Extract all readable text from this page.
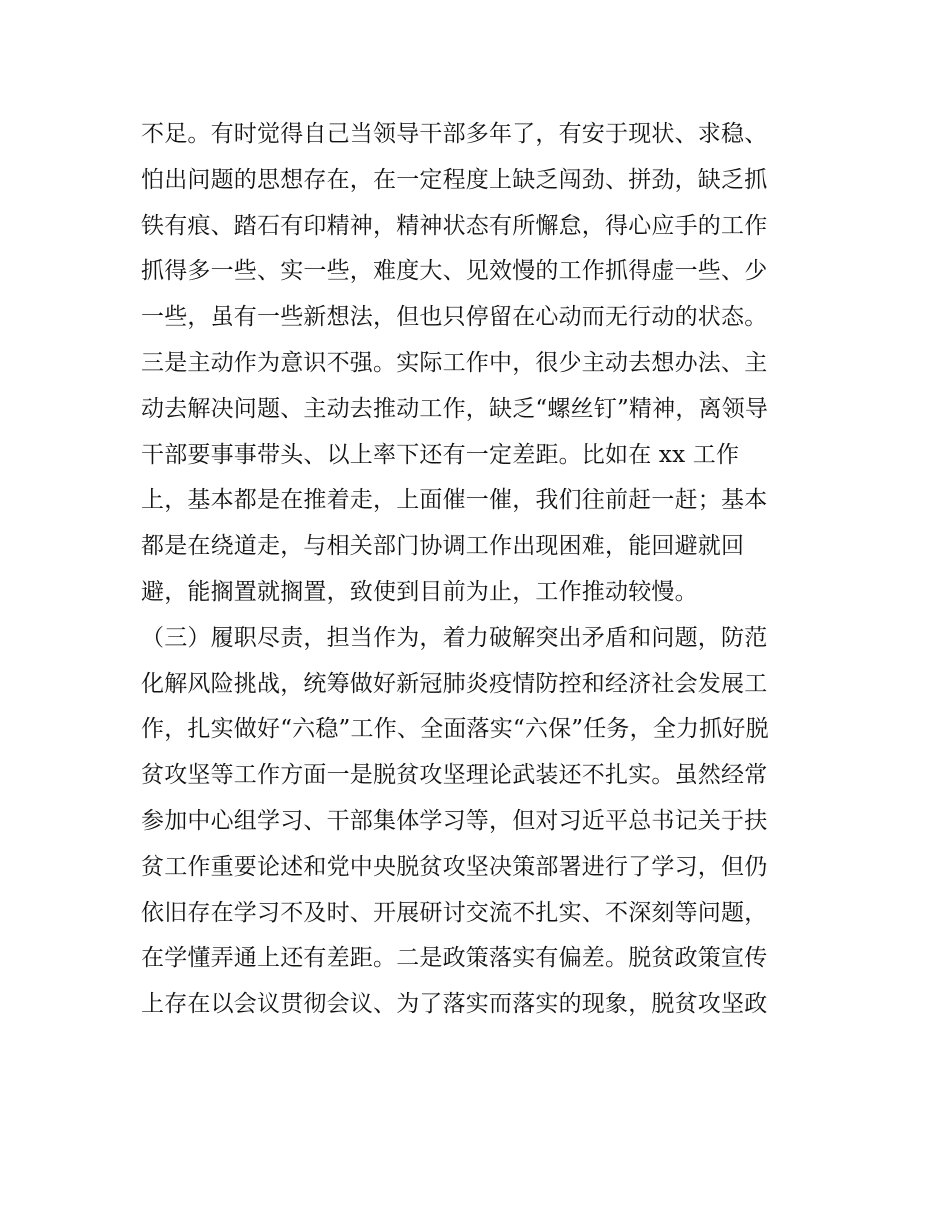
不足。有时觉得自己当领导干部多年了，有安于现状、求稳、
怕出问题的思想存在，在一定程度上缺乏闯劲、拼劲，缺乏抓
铁有痕、踏石有印精神，精神状态有所懈怠，得心应手的工作
抓得多一些、实一些，难度大、见效慢的工作抓得虚一些、少
一些，虽有一些新想法，但也只停留在心动而无行动的状态。
三是主动作为意识不强。实际工作中，很少主动去想办法、主
动去解决问题、主动去推动工作，缺乏“螺丝钉”精神，离领导
干部要事事带头、以上率下还有一定差距。比如在 xx 工作
上，基本都是在推着走，上面催一催，我们往前赶一赶；基本
都是在绕道走，与相关部门协调工作出现困难，能回避就回
避，能搁置就搁置，致使到目前为止，工作推动较慢。
（三）履职尽责，担当作为，着力破解突出矛盾和问题，防范
化解风险挑战，统筹做好新冠肺炎疫情防控和经济社会发展工
作，扎实做好“六稳”工作、全面落实“六保”任务，全力抓好脱
贫攻坚等工作方面一是脱贫攻坚理论武装还不扎实。虽然经常
参加中心组学习、干部集体学习等，但对习近平总书记关于扶
贫工作重要论述和党中央脱贫攻坚决策部署进行了学习，但仍
依旧存在学习不及时、开展研讨交流不扎实、不深刻等问题，
在学懂弄通上还有差距。二是政策落实有偏差。脱贫政策宣传
上存在以会议贯彻会议、为了落实而落实的现象，脱贫攻坚政
